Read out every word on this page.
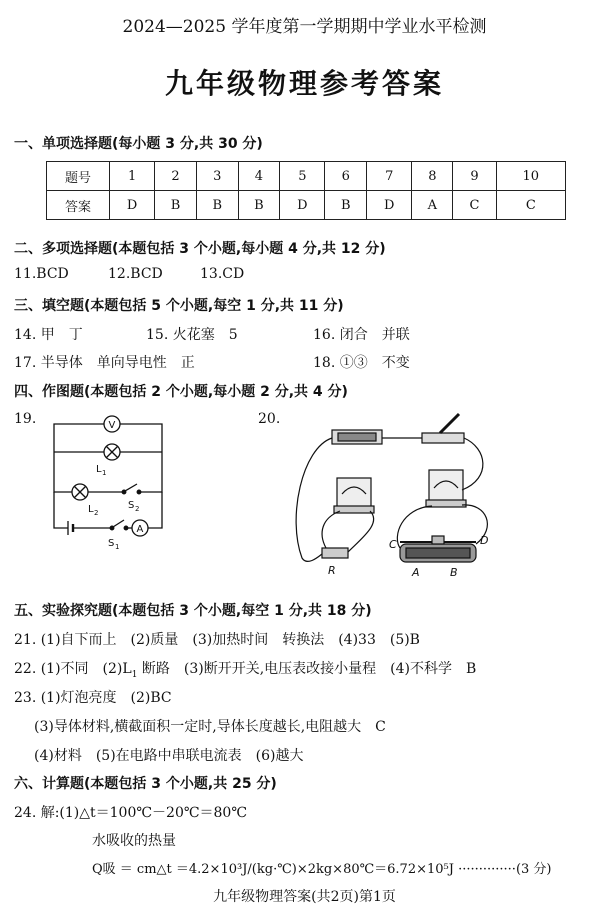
2024—2025 学年度第一学期期中学业水平检测
九年级物理参考答案
一、单项选择题(每小题 3 分,共 30 分)
题号	1	2	3	4	5	6	7	8	9	10
答案	D	B	B	B	D	B	D	A	C	C
二、多项选择题(本题包括 3 个小题,每小题 4 分,共 12 分)
11.BCD	12.BCD	13.CD
三、填空题(本题包括 5 个小题,每空 1 分,共 11 分)
14. 甲　丁	15. 火花塞　5	16. 闭合　并联
17. 半导体　单向导电性　正	18. ①③　不变
四、作图题(本题包括 2 个小题,每小题 2 分,共 4 分)
19.	20.
V
A
L 1
L 2
S 2
S 1	C	D
A	B
R
五、实验探究题(本题包括 3 个小题,每空 1 分,共 18 分)
21. (1)自下而上　(2)质量　(3)加热时间　转换法　(4)33　(5)B
22. (1)不同　$(2)L_1$ 断路　(3)断开开关,电压表改接小量程　(4)不科学　B
23. (1)灯泡亮度　(2)BC
(3)导体材料,横截面积一定时,导体长度越长,电阻越大　C
(4)材料　(5)在电路中串联电流表　(6)越大
六、计算题(本题包括 3 个小题,共 25 分)
24. 解:(1)△t＝100℃－20℃＝80℃
水吸收的热量
Q吸 ＝ cm△t ＝4.2×10³J/(kg·℃)×2kg×80℃＝6.72×10⁵J ··············(3 分)
九年级物理答案(共2页)第1页
